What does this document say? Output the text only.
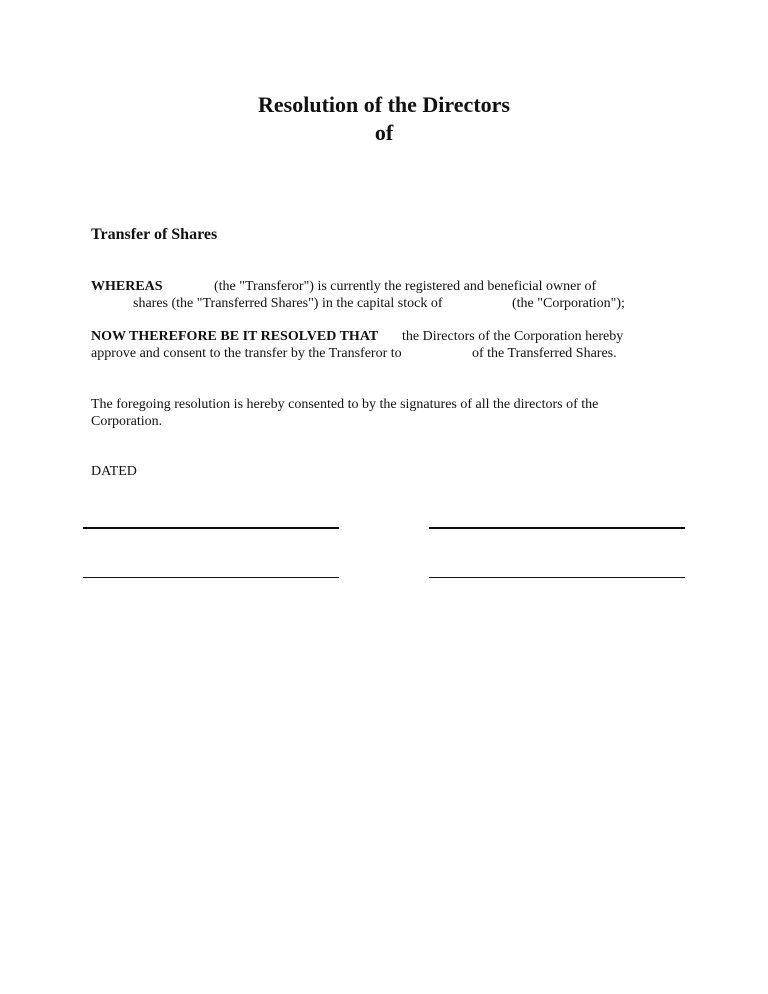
Resolution of the Directors
of
Transfer of Shares
WHEREAS	(the "Transferor") is currently the registered and beneficial owner of
shares (the "Transferred Shares") in the capital stock of	(the "Corporation");
NOW THEREFORE BE IT RESOLVED THAT the Directors of the Corporation hereby
approve and consent to the transfer by the Transferor to	of the Transferred Shares.
The foregoing resolution is hereby consented to by the signatures of all the directors of the
Corporation.
DATED
